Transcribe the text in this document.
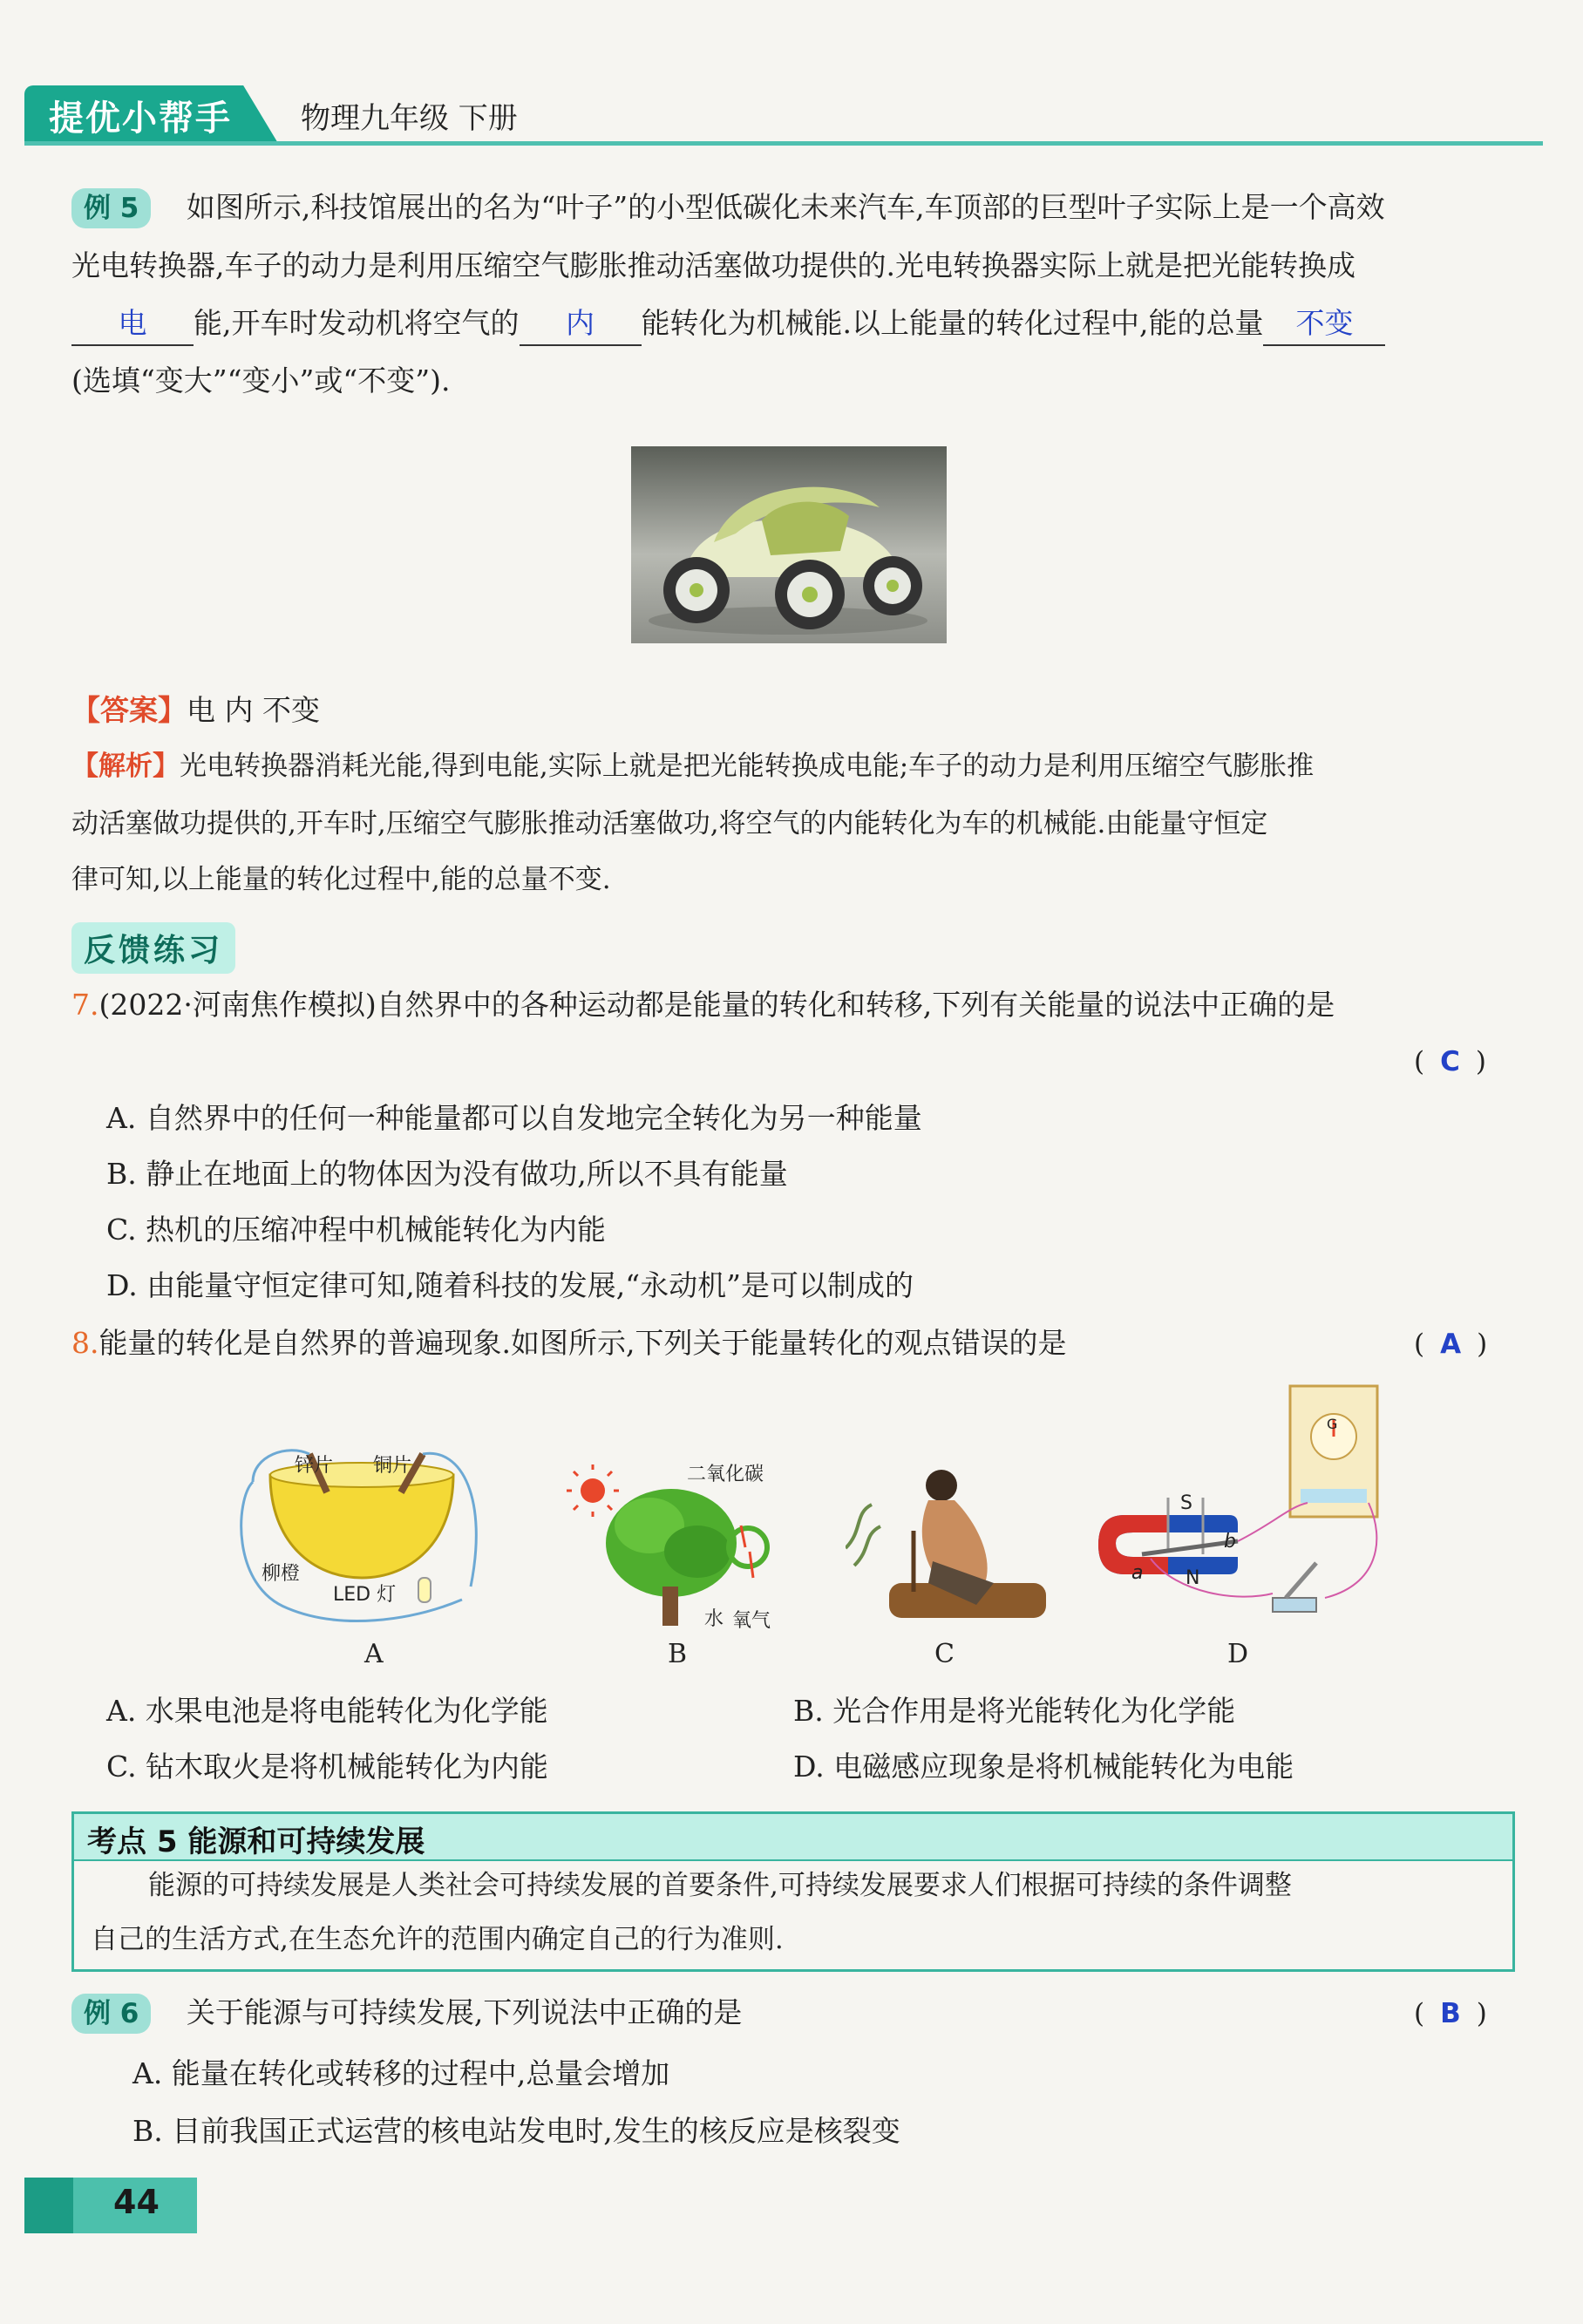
提优小帮手 物理九年级 下册
例 5 如图所示,科技馆展出的名为“叶子”的小型低碳化未来汽车,车顶部的巨型叶子实际上是一个高效
光电转换器,车子的动力是利用压缩空气膨胀推动活塞做功提供的.光电转换器实际上就是把光能转换成
电 能,开车时发动机将空气的 内 能转化为机械能.以上能量的转化过程中,能的总量 不变
(选填“变大”“变小”或“不变”).
【答案】电 内 不变
【解析】光电转换器消耗光能,得到电能,实际上就是把光能转换成电能;车子的动力是利用压缩空气膨胀推
动活塞做功提供的,开车时,压缩空气膨胀推动活塞做功,将空气的内能转化为车的机械能.由能量守恒定
律可知,以上能量的转化过程中,能的总量不变.
反馈练习
7.(2022·河南焦作模拟)自然界中的各种运动都是能量的转化和转移,下列有关能量的说法中正确的是
( C )
A. 自然界中的任何一种能量都可以自发地完全转化为另一种能量
B. 静止在地面上的物体因为没有做功,所以不具有能量
C. 热机的压缩冲程中机械能转化为内能
D. 由能量守恒定律可知,随着科技的发展,“永动机”是可以制成的
8.能量的转化是自然界的普遍现象.如图所示,下列关于能量转化的观点错误的是	( A )
锌片 铜片
柳橙
LED 灯
二氧化碳
水 氧气
S
N
a
b
G
A	B	C	D
A. 水果电池是将电能转化为化学能	B. 光合作用是将光能转化为化学能
C. 钻木取火是将机械能转化为内能	D. 电磁感应现象是将机械能转化为电能
考点 5 能源和可持续发展
能源的可持续发展是人类社会可持续发展的首要条件,可持续发展要求人们根据可持续的条件调整
自己的生活方式,在生态允许的范围内确定自己的行为准则.
例 6 关于能源与可持续发展,下列说法中正确的是	( B )
A. 能量在转化或转移的过程中,总量会增加
B. 目前我国正式运营的核电站发电时,发生的核反应是核裂变
44
